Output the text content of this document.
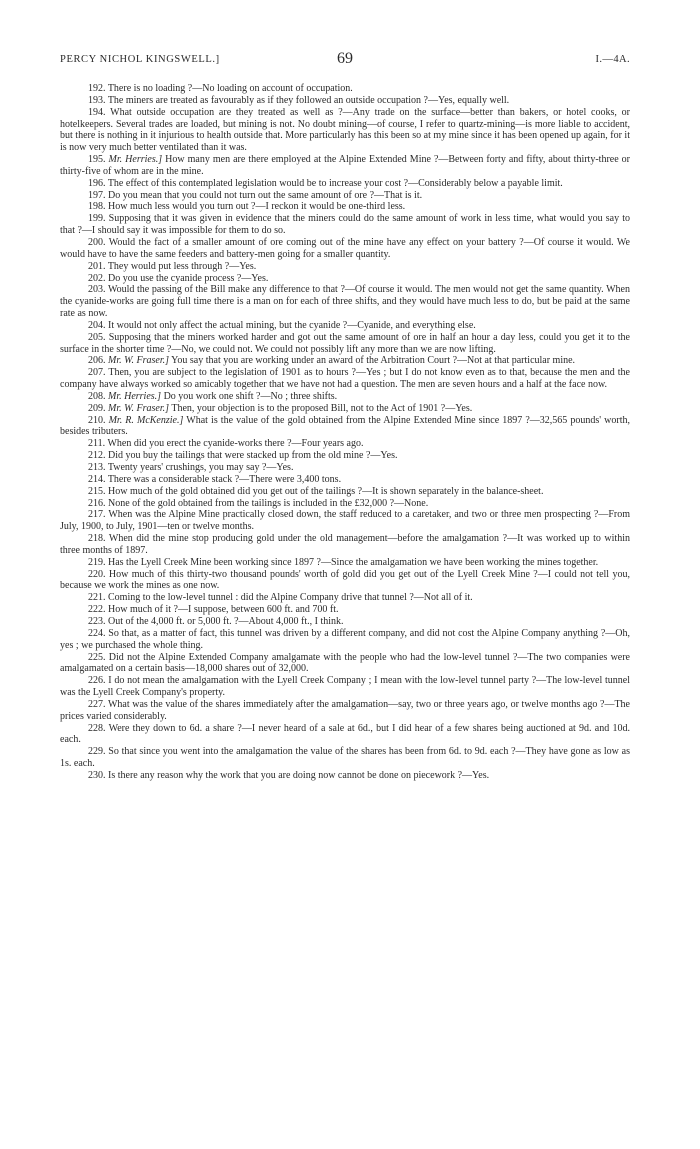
PERCY NICHOL KINGSWELL.]	69	I.—4A.

192. There is no loading ?—No loading on account of occupation.

193. The miners are treated as favourably as if they followed an outside occupation ?—Yes, equally well.

194. What outside occupation are they treated as well as ?—Any trade on the surface—better than bakers, or hotel cooks, or hotelkeepers. Several trades are loaded, but mining is not. No doubt mining—of course, I refer to quartz-mining—is more liable to accident, but there is nothing in it injurious to health outside that. More particularly has this been so at my mine since it has been opened up again, for it is now very much better ventilated than it was.

195. Mr. Herries.] How many men are there employed at the Alpine Extended Mine ?—Between forty and fifty, about thirty-three or thirty-five of whom are in the mine.

196. The effect of this contemplated legislation would be to increase your cost ?—Considerably below a payable limit.

197. Do you mean that you could not turn out the same amount of ore ?—That is it.

198. How much less would you turn out ?—I reckon it would be one-third less.

199. Supposing that it was given in evidence that the miners could do the same amount of work in less time, what would you say to that ?—I should say it was impossible for them to do so.

200. Would the fact of a smaller amount of ore coming out of the mine have any effect on your battery ?—Of course it would. We would have to have the same feeders and battery-men going for a smaller quantity.

201. They would put less through ?—Yes.

202. Do you use the cyanide process ?—Yes.

203. Would the passing of the Bill make any difference to that ?—Of course it would. The men would not get the same quantity. When the cyanide-works are going full time there is a man on for each of three shifts, and they would have much less to do, but be paid at the same rate as now.

204. It would not only affect the actual mining, but the cyanide ?—Cyanide, and everything else.

205. Supposing that the miners worked harder and got out the same amount of ore in half an hour a day less, could you get it to the surface in the shorter time ?—No, we could not. We could not possibly lift any more than we are now lifting.

206. Mr. W. Fraser.] You say that you are working under an award of the Arbitration Court ?—Not at that particular mine.

207. Then, you are subject to the legislation of 1901 as to hours ?—Yes ; but I do not know even as to that, because the men and the company have always worked so amicably together that we have not had a question. The men are seven hours and a half at the face now.

208. Mr. Herries.] Do you work one shift ?—No ; three shifts.

209. Mr. W. Fraser.] Then, your objection is to the proposed Bill, not to the Act of 1901 ?—Yes.

210. Mr. R. McKenzie.] What is the value of the gold obtained from the Alpine Extended Mine since 1897 ?—32,565 pounds' worth, besides tributers.

211. When did you erect the cyanide-works there ?—Four years ago.

212. Did you buy the tailings that were stacked up from the old mine ?—Yes.

213. Twenty years' crushings, you may say ?—Yes.

214. There was a considerable stack ?—There were 3,400 tons.

215. How much of the gold obtained did you get out of the tailings ?—It is shown separately in the balance-sheet.

216. None of the gold obtained from the tailings is included in the £32,000 ?—None.

217. When was the Alpine Mine practically closed down, the staff reduced to a caretaker, and two or three men prospecting ?—From July, 1900, to July, 1901—ten or twelve months.

218. When did the mine stop producing gold under the old management—before the amalgamation ?—It was worked up to within three months of 1897.

219. Has the Lyell Creek Mine been working since 1897 ?—Since the amalgamation we have been working the mines together.

220. How much of this thirty-two thousand pounds' worth of gold did you get out of the Lyell Creek Mine ?—I could not tell you, because we work the mines as one now.

221. Coming to the low-level tunnel : did the Alpine Company drive that tunnel ?—Not all of it.

222. How much of it ?—I suppose, between 600 ft. and 700 ft.

223. Out of the 4,000 ft. or 5,000 ft. ?—About 4,000 ft., I think.

224. So that, as a matter of fact, this tunnel was driven by a different company, and did not cost the Alpine Company anything ?—Oh, yes ; we purchased the whole thing.

225. Did not the Alpine Extended Company amalgamate with the people who had the low-level tunnel ?—The two companies were amalgamated on a certain basis—18,000 shares out of 32,000.

226. I do not mean the amalgamation with the Lyell Creek Company ; I mean with the low-level tunnel party ?—The low-level tunnel was the Lyell Creek Company's property.

227. What was the value of the shares immediately after the amalgamation—say, two or three years ago, or twelve months ago ?—The prices varied considerably.

228. Were they down to 6d. a share ?—I never heard of a sale at 6d., but I did hear of a few shares being auctioned at 9d. and 10d. each.

229. So that since you went into the amalgamation the value of the shares has been from 6d. to 9d. each ?—They have gone as low as 1s. each.

230. Is there any reason why the work that you are doing now cannot be done on piecework ?—Yes.
